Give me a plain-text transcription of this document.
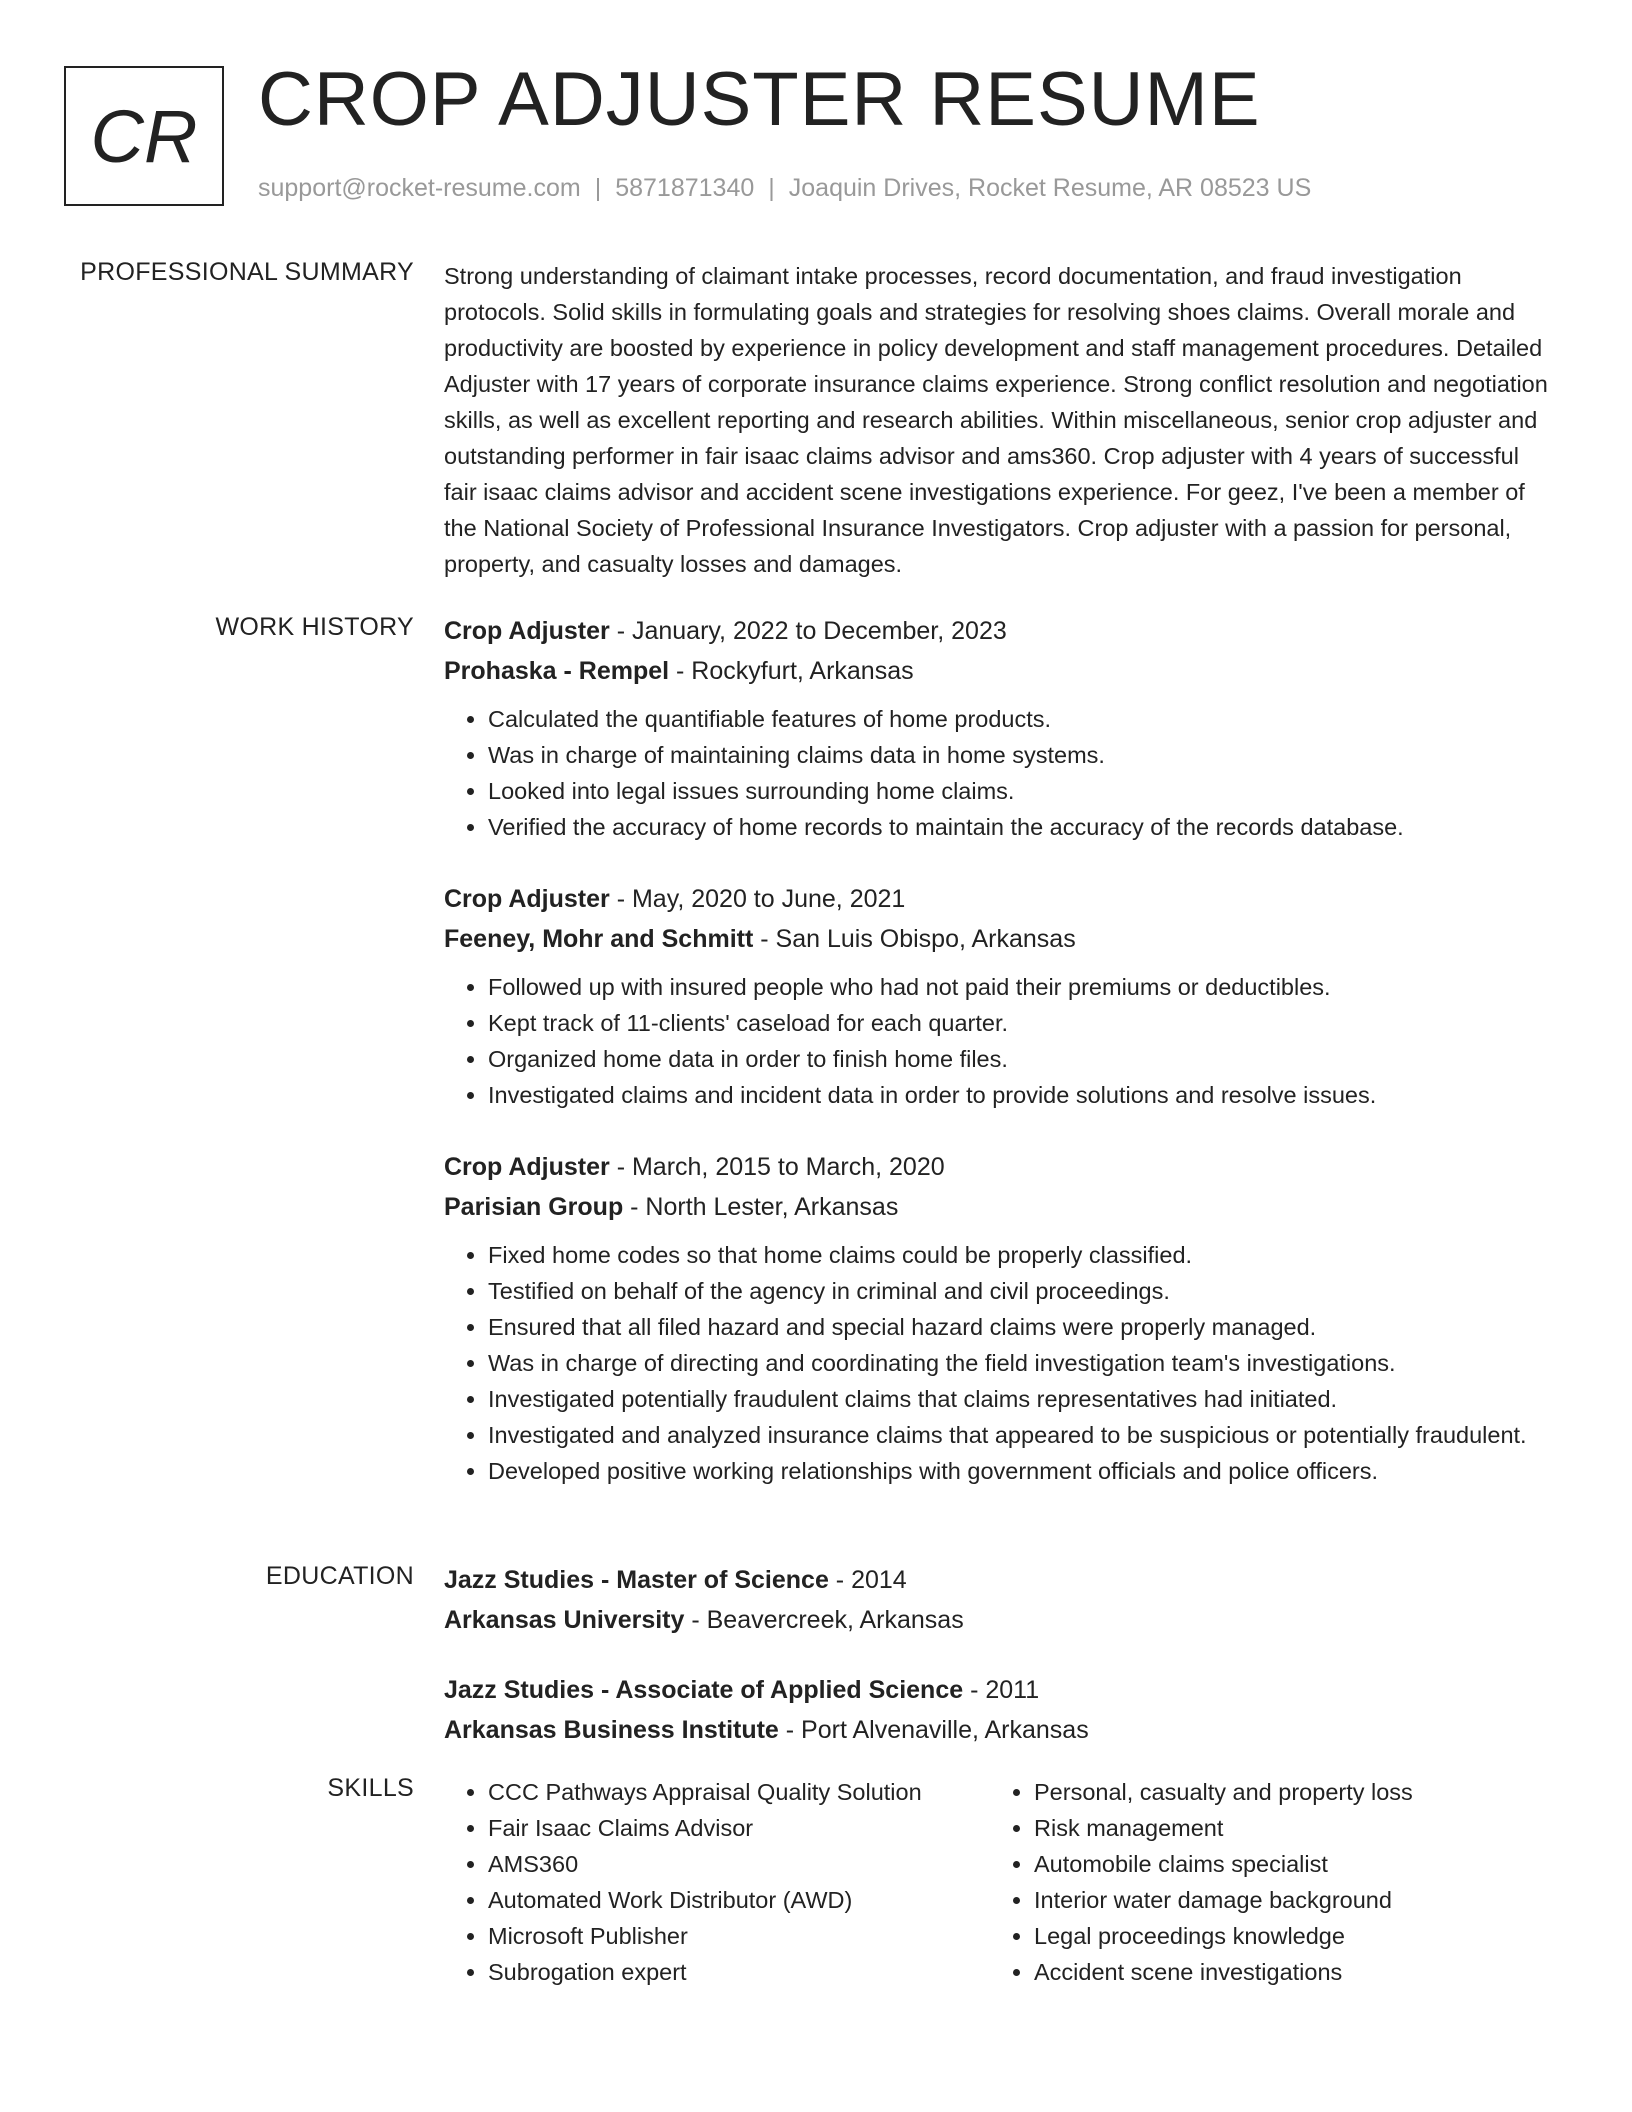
CR CROP ADJUSTER RESUME
support@rocket-resume.com | 5871871340 | Joaquin Drives, Rocket Resume, AR 08523 US
PROFESSIONAL SUMMARY Strong understanding of claimant intake processes, record documentation, and fraud investigation protocols. Solid skills in formulating goals and strategies for resolving shoes claims. Overall morale and productivity are boosted by experience in policy development and staff management procedures. Detailed Adjuster with 17 years of corporate insurance claims experience. Strong conflict resolution and negotiation skills, as well as excellent reporting and research abilities. Within miscellaneous, senior crop adjuster and outstanding performer in fair isaac claims advisor and ams360. Crop adjuster with 4 years of successful fair isaac claims advisor and accident scene investigations experience. For geez, I've been a member of the National Society of Professional Insurance Investigators. Crop adjuster with a passion for personal, property, and casualty losses and damages.

WORK HISTORY Crop Adjuster - January, 2022 to December, 2023
Prohaska - Rempel - Rockyfurt, Arkansas
• Calculated the quantifiable features of home products.
• Was in charge of maintaining claims data in home systems.
• Looked into legal issues surrounding home claims.
• Verified the accuracy of home records to maintain the accuracy of the records database.
Crop Adjuster - May, 2020 to June, 2021
Feeney, Mohr and Schmitt - San Luis Obispo, Arkansas
• Followed up with insured people who had not paid their premiums or deductibles.
• Kept track of 11-clients' caseload for each quarter.
• Organized home data in order to finish home files.
• Investigated claims and incident data in order to provide solutions and resolve issues.
Crop Adjuster - March, 2015 to March, 2020
Parisian Group - North Lester, Arkansas
• Fixed home codes so that home claims could be properly classified.
• Testified on behalf of the agency in criminal and civil proceedings.
• Ensured that all filed hazard and special hazard claims were properly managed.
• Was in charge of directing and coordinating the field investigation team's investigations.
• Investigated potentially fraudulent claims that claims representatives had initiated.
• Investigated and analyzed insurance claims that appeared to be suspicious or potentially fraudulent.
• Developed positive working relationships with government officials and police officers.
EDUCATION Jazz Studies - Master of Science - 2014
Arkansas University - Beavercreek, Arkansas
Jazz Studies - Associate of Applied Science - 2011
Arkansas Business Institute - Port Alvenaville, Arkansas
SKILLS
•	CCC Pathways Appraisal Quality Solution
• Fair Isaac Claims Advisor
• AMS360
• Automated Work Distributor (AWD)
• Microsoft Publisher
• Subrogation expert
• Personal, casualty and property loss
• Risk management
• Automobile claims specialist
• Interior water damage background
• Legal proceedings knowledge
• Accident scene investigations
